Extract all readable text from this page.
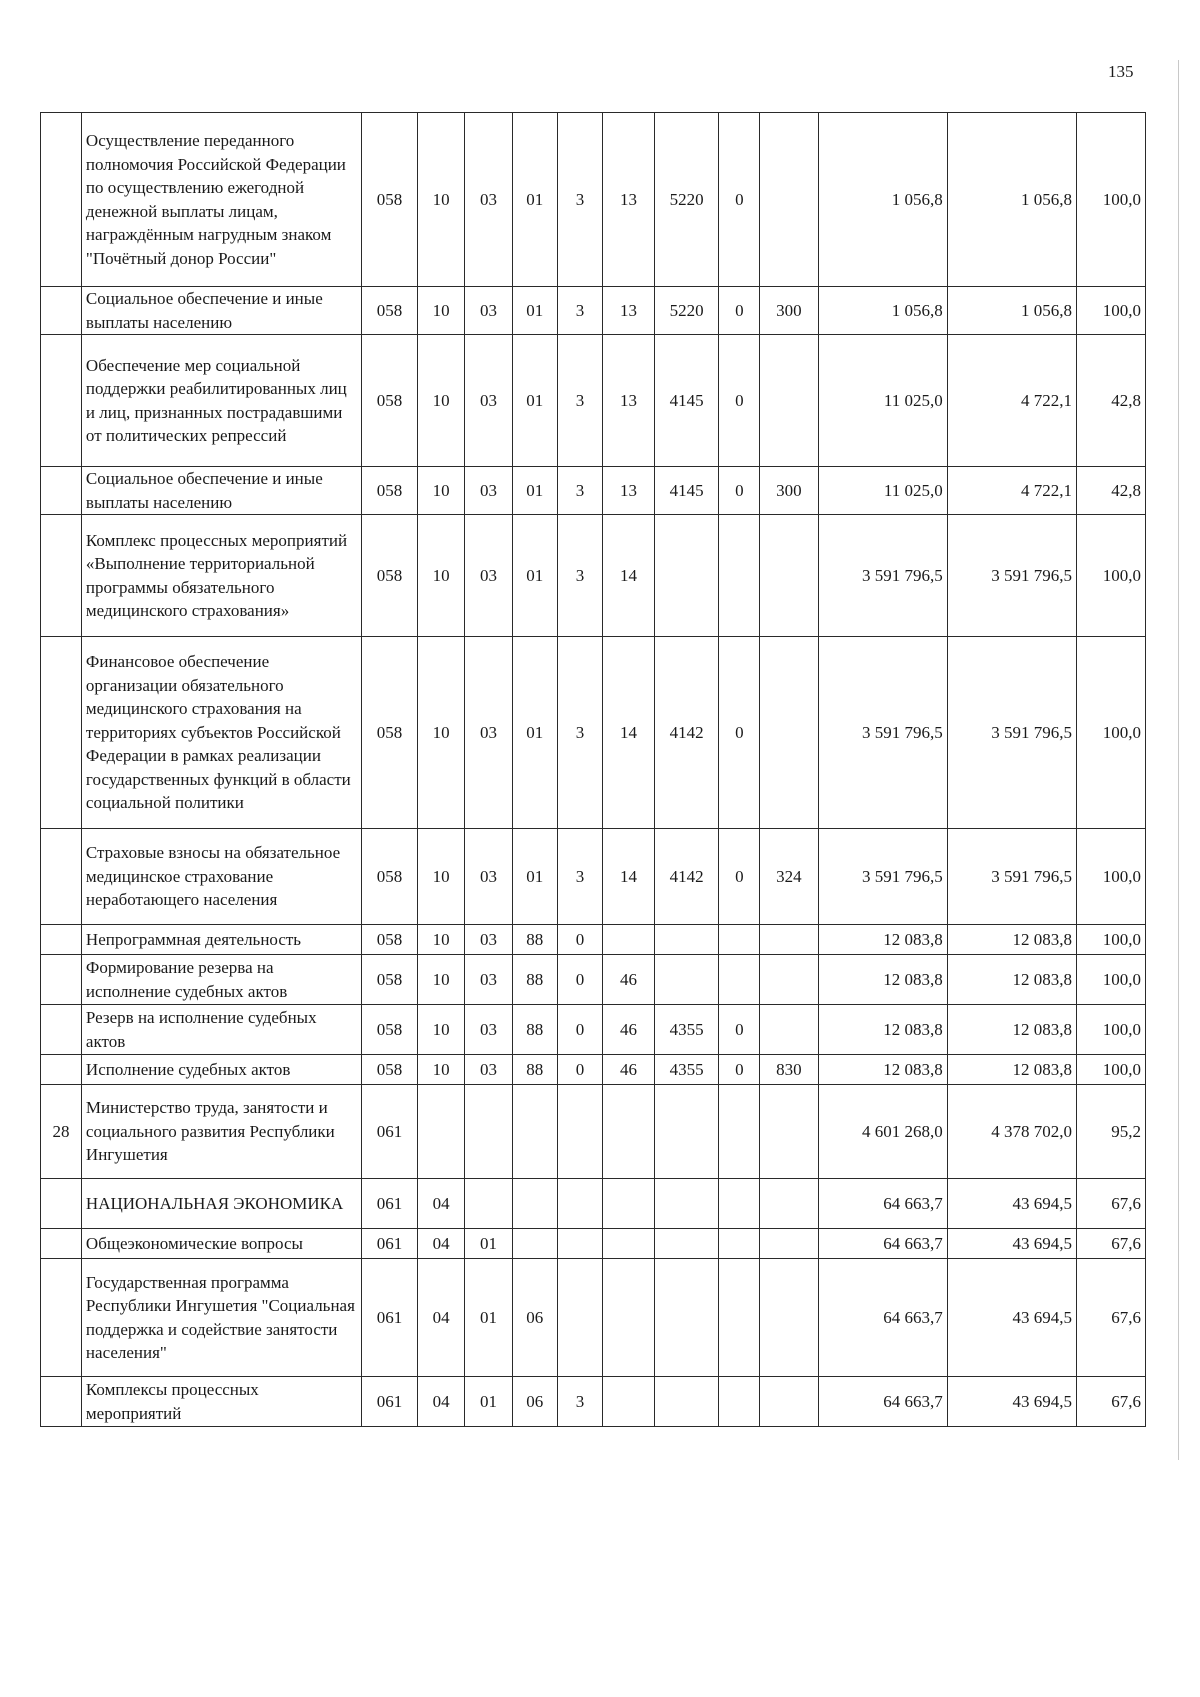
135
	Осуществление переданного полномочия Российской Федерации по осуществлению ежегодной денежной выплаты лицам, награждённым нагрудным знаком "Почётный донор России"	058	10	03	01	3	13	5220	0		1 056,8	1 056,8	100,0
	Социальное обеспечение и иные выплаты населению	058	10	03	01	3	13	5220	0	300	1 056,8	1 056,8	100,0
	Обеспечение мер социальной поддержки реабилитированных лиц и лиц, признанных пострадавшими от политических репрессий	058	10	03	01	3	13	4145	0		11 025,0	4 722,1	42,8
	Социальное обеспечение и иные выплаты населению	058	10	03	01	3	13	4145	0	300	11 025,0	4 722,1	42,8
	Комплекс процессных мероприятий «Выполнение территориальной программы обязательного медицинского страхования»	058	10	03	01	3	14				3 591 796,5	3 591 796,5	100,0
	Финансовое обеспечение организации обязательного медицинского страхования на территориях субъектов Российской Федерации в рамках реализации государственных функций в области социальной политики	058	10	03	01	3	14	4142	0		3 591 796,5	3 591 796,5	100,0
	Страховые взносы на обязательное медицинское страхование неработающего населения	058	10	03	01	3	14	4142	0	324	3 591 796,5	3 591 796,5	100,0
	Непрограммная деятельность	058	10	03	88	0					12 083,8	12 083,8	100,0
	Формирование резерва на исполнение судебных актов	058	10	03	88	0	46				12 083,8	12 083,8	100,0
	Резерв на исполнение судебных актов	058	10	03	88	0	46	4355	0		12 083,8	12 083,8	100,0
	Исполнение судебных актов	058	10	03	88	0	46	4355	0	830	12 083,8	12 083,8	100,0
28	Министерство труда, занятости и социального развития Республики Ингушетия	061									4 601 268,0	4 378 702,0	95,2
	НАЦИОНАЛЬНАЯ ЭКОНОМИКА	061	04								64 663,7	43 694,5	67,6
	Общеэкономические вопросы	061	04	01							64 663,7	43 694,5	67,6
	Государственная программа Республики Ингушетия "Социальная поддержка и содействие занятости населения"	061	04	01	06						64 663,7	43 694,5	67,6
	Комплексы процессных мероприятий	061	04	01	06	3					64 663,7	43 694,5	67,6
